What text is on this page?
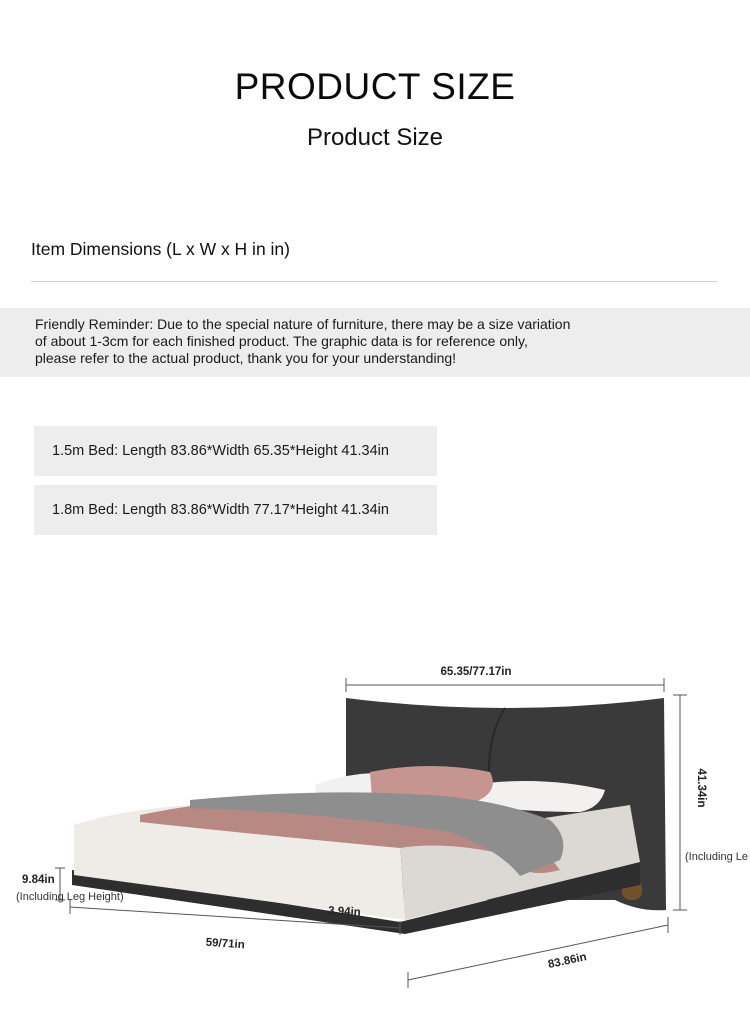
PRODUCT SIZE
Product Size
Item Dimensions (L x W x H in in)
Friendly Reminder: Due to the special nature of furniture, there may be a size variation
of about 1-3cm for each finished product. The graphic data is for reference only,
please refer to the actual product, thank you for your understanding!
1.5m Bed: Length 83.86*Width 65.35*Height 41.34in
1.8m Bed: Length 83.86*Width 77.17*Height 41.34in
65.35/77.17in
41.34in
(Including Le
9.84in
(Including Leg Height)
3.94in
59/71in
83.86in
